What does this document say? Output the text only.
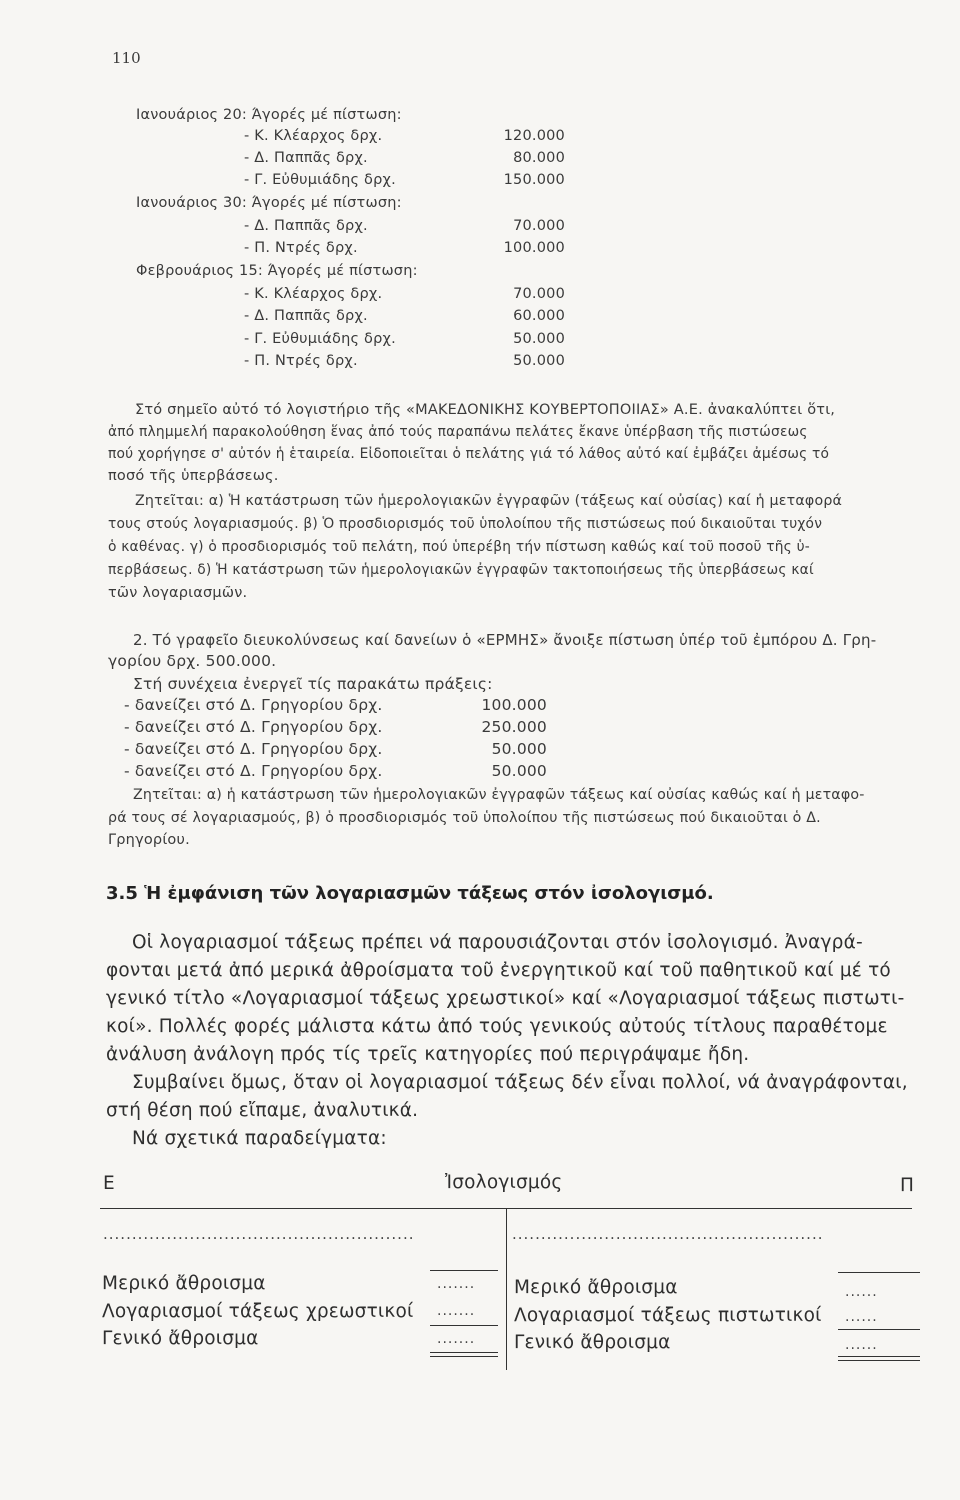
110
Ιανουάριος 20: Άγορές μέ πίστωση:
- Κ. Κλέαρχος δρχ.	120.000
- Δ. Παππᾶς δρχ.	80.000
- Γ. Εὐθυμιάδης δρχ.	150.000
Ιανουάριος 30: Άγορές μέ πίστωση:
- Δ. Παππᾶς δρχ.	70.000
- Π. Ντρές δρχ.	100.000
Φεβρουάριος 15: Άγορές μέ πίστωση:
- Κ. Κλέαρχος δρχ.	70.000
- Δ. Παππᾶς δρχ.	60.000
- Γ. Εὐθυμιάδης δρχ.	50.000
- Π. Ντρές δρχ.	50.000
Στό σημεῖο αὐτό τό λογιστήριο τῆς «ΜΑΚΕΔΟΝΙΚΗΣ ΚΟΥΒΕΡΤΟΠΟΙΙΑΣ» Α.Ε. ἀνακαλύπτει ὅτι,
ἀπό πλημμελή παρακολούθηση ἕνας ἀπό τούς παραπάνω πελάτες ἔκανε ὑπέρβαση τῆς πιστώσεως
πού χορήγησε σ' αὐτόν ἡ ἑταιρεία. Εἰδοποιεῖται ὁ πελάτης γιά τό λάθος αὐτό καί ἐμβάζει ἀμέσως τό
ποσό τῆς ὑπερβάσεως.
Ζητεῖται: α) Ἡ κατάστρωση τῶν ἡμερολογιακῶν ἐγγραφῶν (τάξεως καί οὐσίας) καί ἡ μεταφορά
τους στούς λογαριασμούς. β) Ὁ προσδιορισμός τοῦ ὑπολοίπου τῆς πιστώσεως πού δικαιοῦται τυχόν
ὁ καθένας. γ) ὁ προσδιορισμός τοῦ πελάτη, πού ὑπερέβη τήν πίστωση καθώς καί τοῦ ποσοῦ τῆς ὑ-
περβάσεως. δ) Ἡ κατάστρωση τῶν ἡμερολογιακῶν ἐγγραφῶν τακτοποιήσεως τῆς ὑπερβάσεως καί
τῶν λογαριασμῶν.
2. Τό γραφεῖο διευκολύνσεως καί δανείων ὁ «ΕΡΜΗΣ» ἄνοιξε πίστωση ὑπέρ τοῦ ἐμπόρου Δ. Γρη-
γορίου δρχ. 500.000.
Στή συνέχεια ἐνεργεῖ τίς παρακάτω πράξεις:
- δανείζει στό Δ. Γρηγορίου δρχ.	100.000
- δανείζει στό Δ. Γρηγορίου δρχ.	250.000
- δανείζει στό Δ. Γρηγορίου δρχ.	50.000
- δανείζει στό Δ. Γρηγορίου δρχ.	50.000
Ζητεῖται: α) ἡ κατάστρωση τῶν ἡμερολογιακῶν ἐγγραφῶν τάξεως καί οὐσίας καθώς καί ἡ μεταφο-
ρά τους σέ λογαριασμούς, β) ὁ προσδιορισμός τοῦ ὑπολοίπου τῆς πιστώσεως πού δικαιοῦται ὁ Δ.
Γρηγορίου.
3.5 Ἡ ἐμφάνιση τῶν λογαριασμῶν τάξεως στόν ἰσολογισμό.
Οἱ λογαριασμοί τάξεως πρέπει νά παρουσιάζονται στόν ἰσολογισμό. Ἀναγρά-
φονται μετά ἀπό μερικά ἀθροίσματα τοῦ ἐνεργητικοῦ καί τοῦ παθητικοῦ καί μέ τό
γενικό τίτλο «Λογαριασμοί τάξεως χρεωστικοί» καί «Λογαριασμοί τάξεως πιστωτι-
κοί». Πολλές φορές μάλιστα κάτω ἀπό τούς γενικούς αὐτούς τίτλους παραθέτομε
ἀνάλυση ἀνάλογη πρός τίς τρεῖς κατηγορίες πού περιγράψαμε ἤδη.
Συμβαίνει ὅμως, ὅταν οἱ λογαριασμοί τάξεως δέν εἶναι πολλοί, νά ἀναγράφονται,
στή θέση πού εἴπαμε, ἀναλυτικά.
Νά σχετικά παραδείγματα:
Ε	Ἰσολογισμός	Π
......................................................	......................................................
Μερικό ἄθροισμα	.......
Λογαριασμοί τάξεως χρεωστικοί .......
Γενικό ἄθροισμα	.......
Μερικό ἄθροισμα	......
Λογαριασμοί τάξεως πιστωτικοί ......
Γενικό ἄθροισμα	......
